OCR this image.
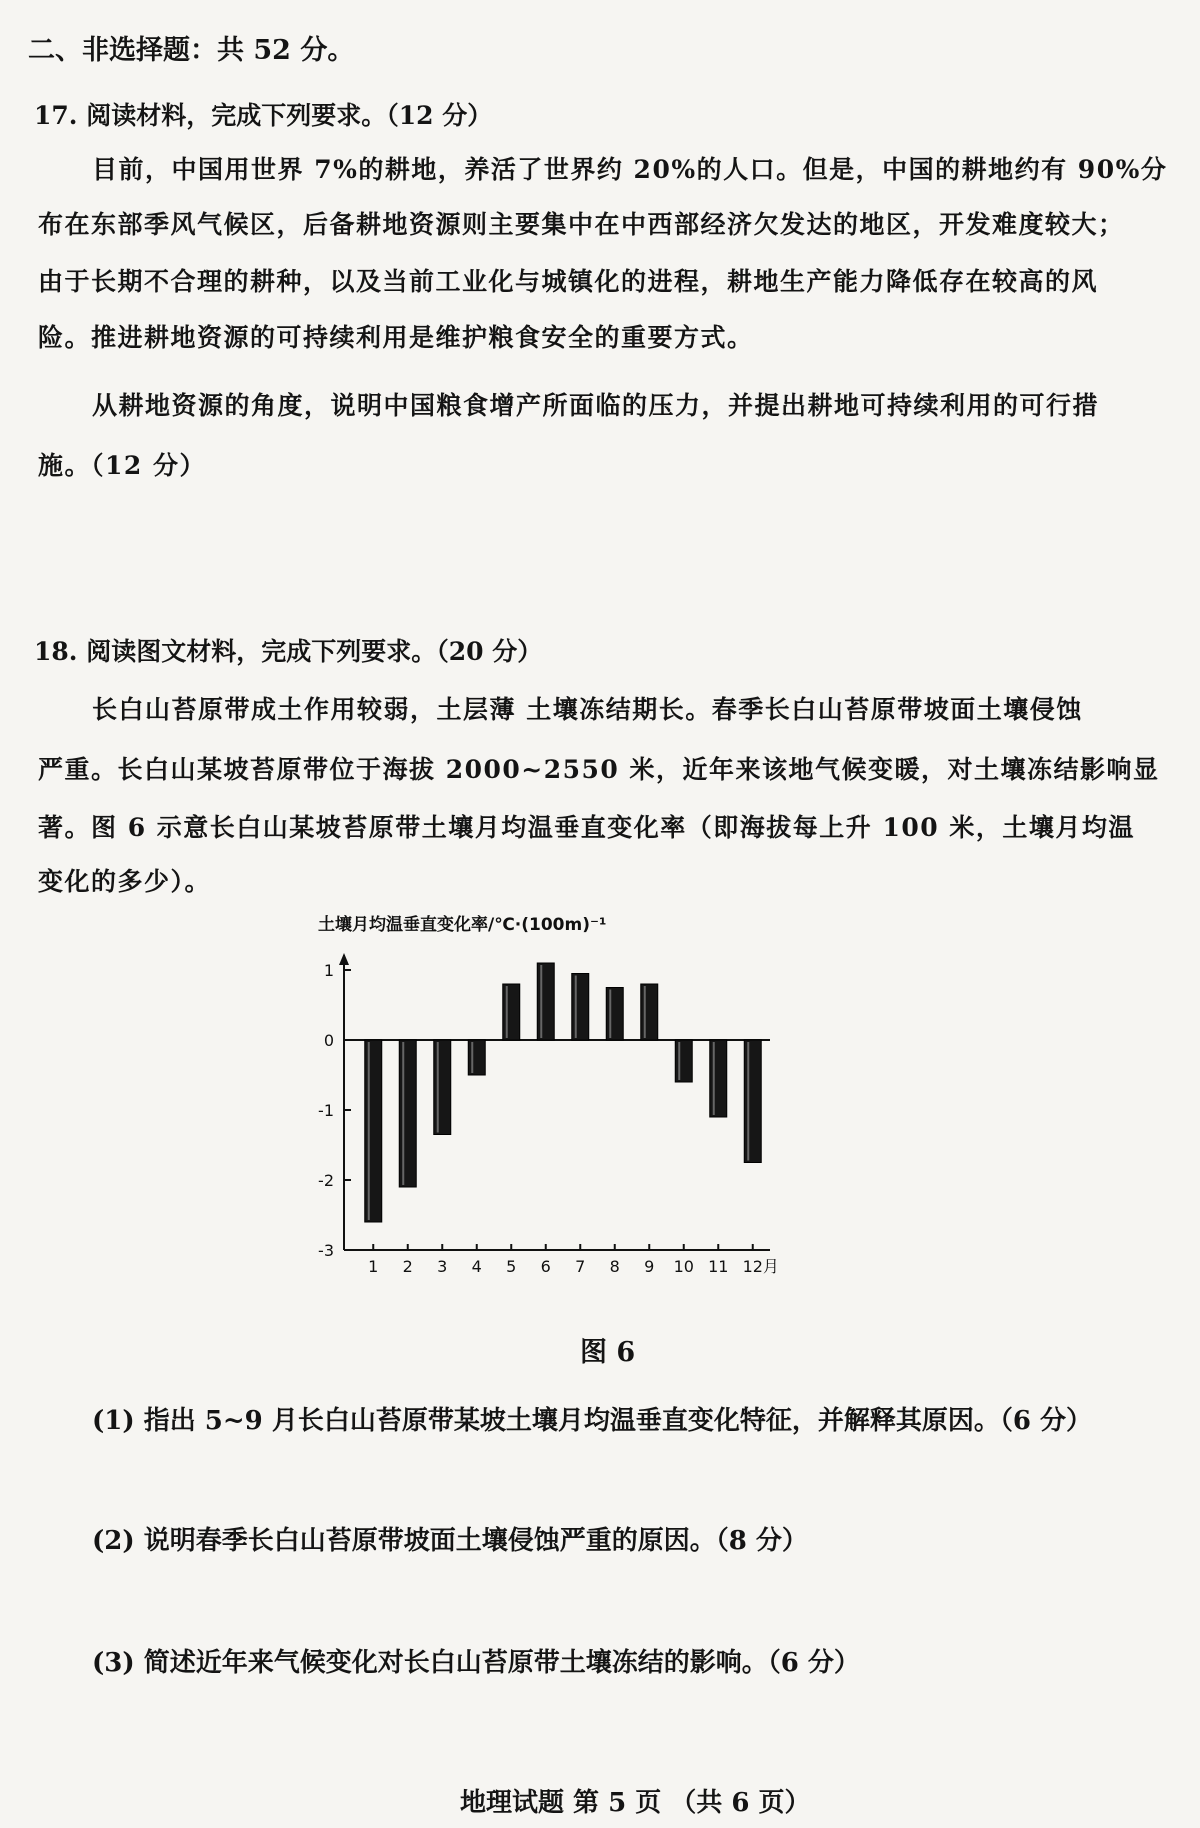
二、非选择题：共 52 分。
17. 阅读材料，完成下列要求。（12 分）
目前，中国用世界 7%的耕地，养活了世界约 20%的人口。但是，中国的耕地约有 90%分
布在东部季风气候区，后备耕地资源则主要集中在中西部经济欠发达的地区，开发难度较大；
由于长期不合理的耕种，以及当前工业化与城镇化的进程，耕地生产能力降低存在较高的风
险。推进耕地资源的可持续利用是维护粮食安全的重要方式。
从耕地资源的角度，说明中国粮食增产所面临的压力，并提出耕地可持续利用的可行措
施。（12 分）
18. 阅读图文材料，完成下列要求。（20 分）
长白山苔原带成土作用较弱，土层薄 土壤冻结期长。春季长白山苔原带坡面土壤侵蚀
严重。长白山某坡苔原带位于海拔 2000~2550 米，近年来该地气候变暖，对土壤冻结影响显
著。图 6 示意长白山某坡苔原带土壤月均温垂直变化率（即海拔每上升 100 米，土壤月均温
变化的多少）。
土壤月均温垂直变化率/℃·(100m)⁻¹
1
0
-1
-2
-3
1 2 3 4 5 6 7 8 9 10 11 12月
图 6
(1) 指出 5~9 月长白山苔原带某坡土壤月均温垂直变化特征，并解释其原因。（6 分）
(2) 说明春季长白山苔原带坡面土壤侵蚀严重的原因。（8 分）
(3) 简述近年来气候变化对长白山苔原带土壤冻结的影响。（6 分）
地理试题 第 5 页 （共 6 页）
